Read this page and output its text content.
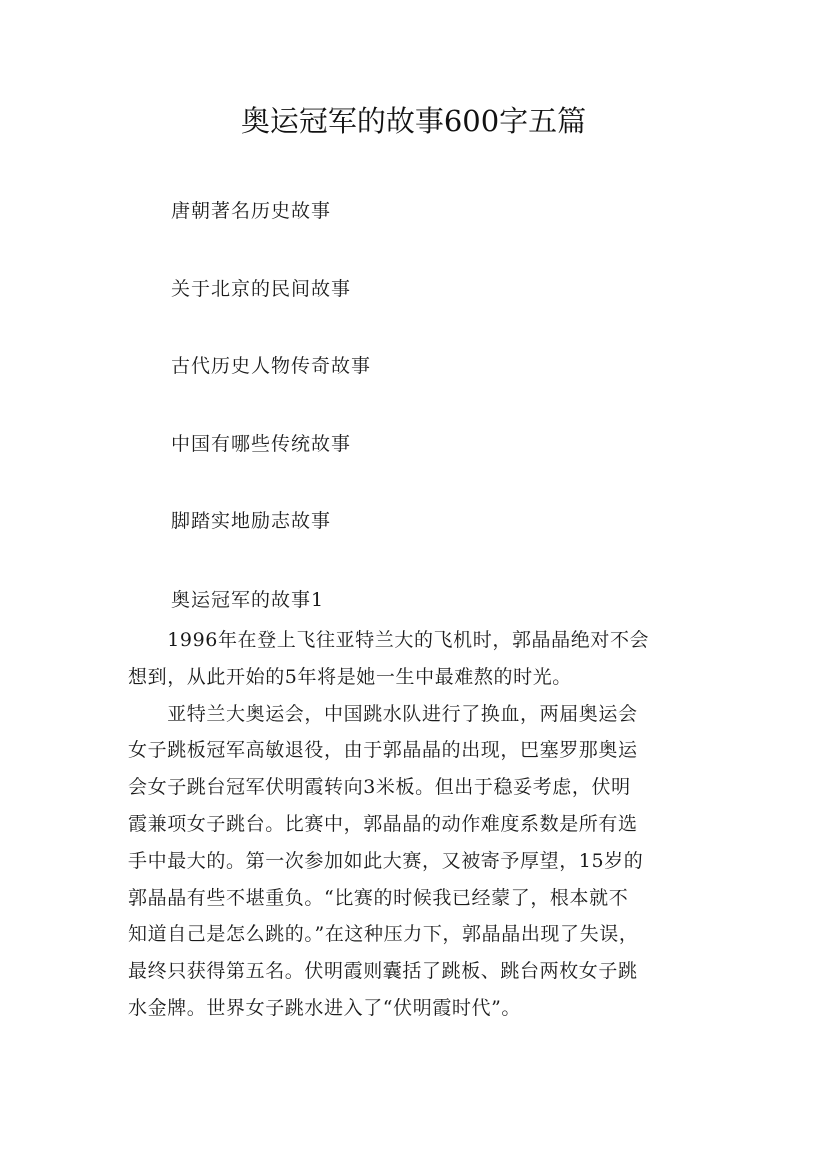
奥运冠军的故事600字五篇
唐朝著名历史故事
关于北京的民间故事
古代历史人物传奇故事
中国有哪些传统故事
脚踏实地励志故事
奥运冠军的故事1
　　1996年在登上飞往亚特兰大的飞机时，郭晶晶绝对不会
想到，从此开始的5年将是她一生中最难熬的时光。
　　亚特兰大奥运会，中国跳水队进行了换血，两届奥运会
女子跳板冠军高敏退役，由于郭晶晶的出现，巴塞罗那奥运
会女子跳台冠军伏明霞转向3米板。但出于稳妥考虑，伏明
霞兼项女子跳台。比赛中，郭晶晶的动作难度系数是所有选
手中最大的。第一次参加如此大赛，又被寄予厚望，15岁的
郭晶晶有些不堪重负。“比赛的时候我已经蒙了，根本就不
知道自己是怎么跳的。”在这种压力下，郭晶晶出现了失误，
最终只获得第五名。伏明霞则囊括了跳板、跳台两枚女子跳
水金牌。世界女子跳水进入了“伏明霞时代”。
